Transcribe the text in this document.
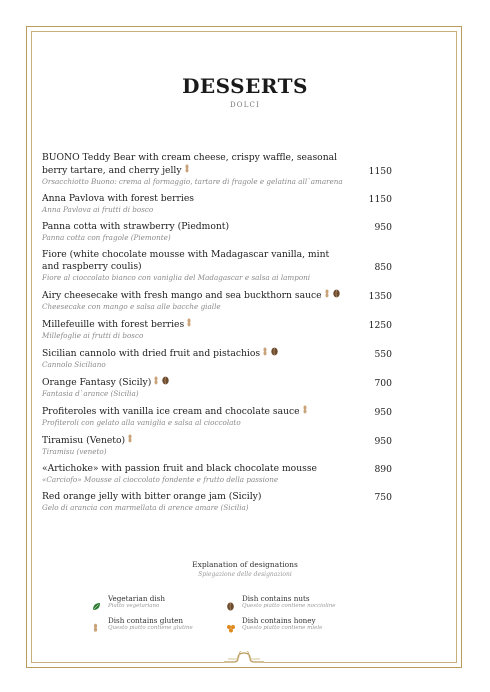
DESSERTS
DOLCI
BUONO Teddy Bear with cream cheese, crispy waffle, seasonal berry tartare, and cherry jelly
Orsacchiotto Buono: crema al formaggio, tartare di fragole e gelatina all`amarena
1150
Anna Pavlova with forest berries
Anna Pavlova ai frutti di bosco
1150
Panna cotta with strawberry (Piedmont)
Panna cotta con fragole (Piemonte)
950
Fiore (white chocolate mousse with Madagascar vanilla, mint and raspberry coulis)
Fiore al cioccolato bianco con vaniglia del Madagascar e salsa ai lamponi
850
Airy cheesecake with fresh mango and sea buckthorn sauce
Cheesecake con mango e salsa alle bacche gialle
1350
Millefeuille with forest berries
Millefoglie ai frutti di bosco
1250
Sicilian cannolo with dried fruit and pistachios
Cannolo Siciliano
550
Orange Fantasy (Sicily)
Fantasia d`arance (Sicilia)
700
Profiteroles with vanilla ice cream and chocolate sauce
Profiteroli con gelato alla vaniglia e salsa al cioccolato
950
Tiramisu (Veneto)
Tiramisu (veneto)
950
«Artichoke» with passion fruit and black chocolate mousse
«Carciofo» Mousse al cioccolato fondente e frutto della passione
890
Red orange jelly with bitter orange jam (Sicily)
Gelo di arancia con marmellata di arence amare (Sicilia)
750
Explanation of designations
Spiegazione delle designazioni
Vegetarian dish
Piatto vegetariano
Dish contains nuts
Questo piatto contiene noccioline
Dish contains gluten
Questo piatto contiene glutine
Dish contains honey
Questo piatto contiene miele
